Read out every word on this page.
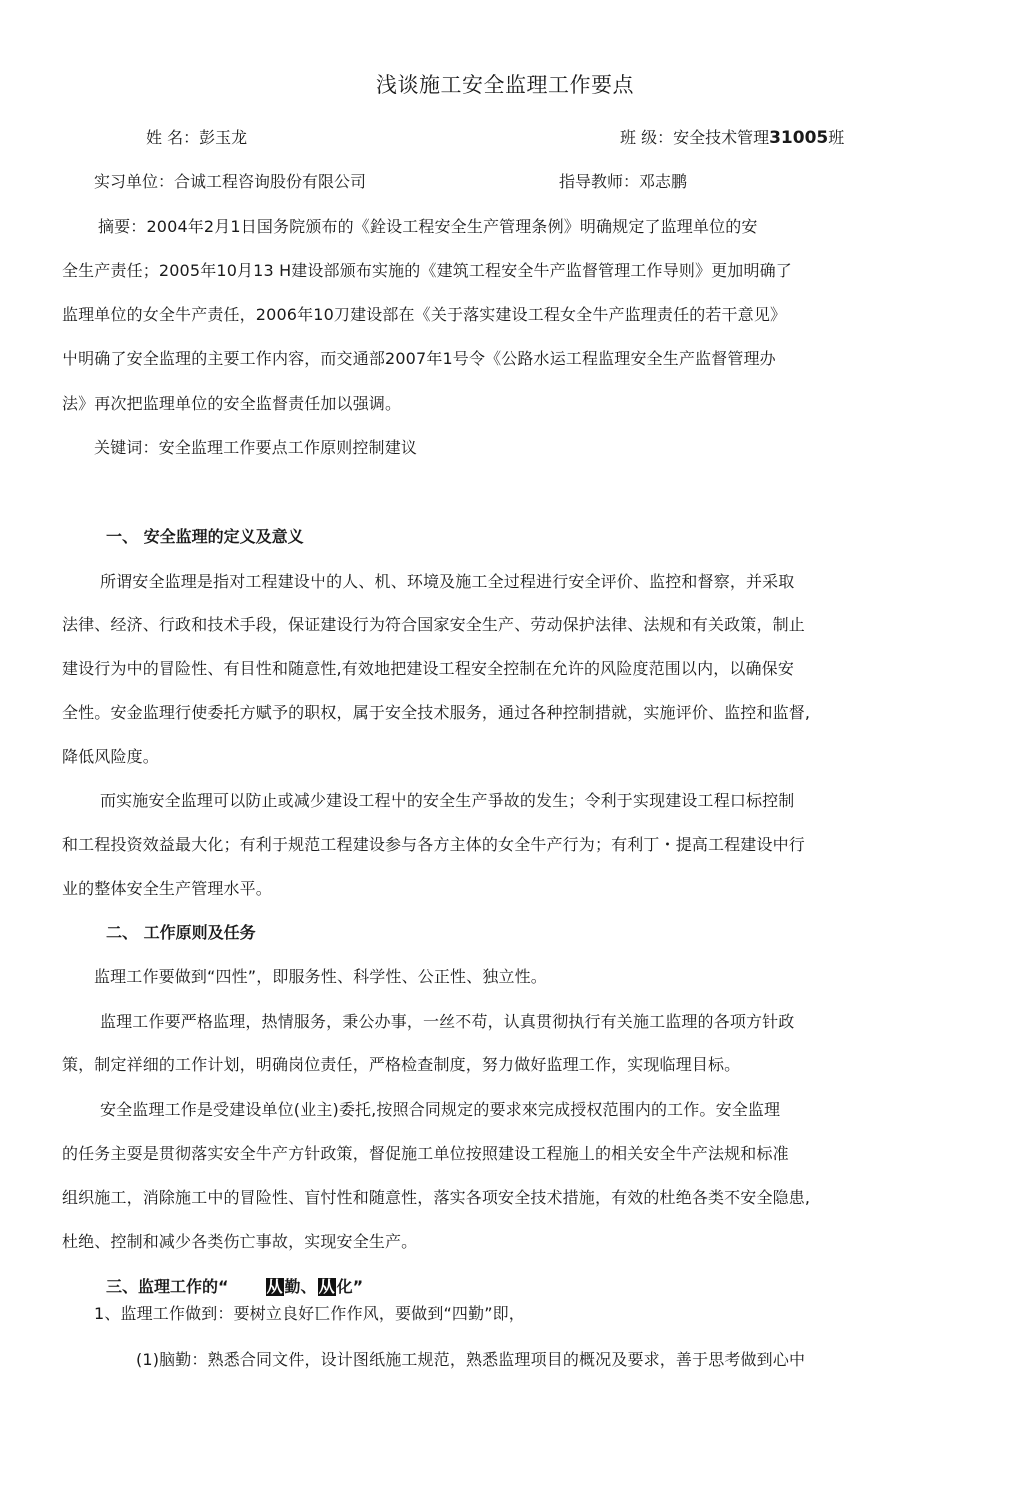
浅谈施工安全监理工作要点
姓 名：彭玉龙	班 级：安全技术管理31005班
实习单位：合诚工程咨询股份有限公司	指导教师：邓志鹏
摘要：2004年2月1日国务院颁布的《銓设工程安全生产管理条例》明确规定了监理单位的安
全生产责任；2005年10月13 H建设部颁布实施的《建筑工程安全牛产监督管理工作导则》更加明确了
监理单位的女全牛产责任，2006年10刀建设部在《关于落实建设工程女全牛产监理责任的若干意见》
屮明确了安全监理的主要工作内容，而交通部2007年1号令《公路水运工程监理安全生产监督管理办
法》再次把监理单位的安全监督责任加以强调。
关键词：安全监理工作要点工作原则控制建议
一、 安全监理的定义及意义
所谓安全监理是指对工程建设屮的人、机、环境及施工全过程进行安全评价、监控和督察，并采取
法律、经济、行政和技术手段，保证建设行为符合国家安全生产、劳动保护法律、法规和有关政策，制止
建设行为中的冒险性、有目性和随意性,有效地把建设工程安全控制在允许的风险度范围以内，以确保安
全性。安金监理行使委托方赋予的职权，属于安全技术服务，通过各种控制措就，实施评价、监控和监督,
降低风险度。
而实施安全监理可以防止或减少建设工程屮的安全生产爭故的发生；令利于实现建设工程口标控制
和工程投资效益最大化；有利于规范工程建设参与各方主体的女全牛产行为；有利丁・提高工程建设中行
业的整体安全生产管理水平。
二、 工作原则及任务
监理工作要做到“四性”，即服务性、科学性、公正性、独立性。
监理工作要严格监理，热情服务，秉公办事，一丝不苟，认真贯彻执行有关施工监理的各项方针政
策，制定祥细的工作计划，明确岗位责任，严格检查制度，努力做好监理工作，实现临理目标。
安全监理工作是受建设单位(业主)委托,按照合同规定的要求來完成授权范围内的工作。安全监理
的任务主耍是贯彻落实安全牛产方针政策，督促施工单位按照建设工程施丄的相关安全牛产法规和标准
组织施工，消除施工中的冒险性、盲忖性和随意性，落实各项安全技术措施，有效的杜绝各类不安全隐患,
杜绝、控制和减少各类伤亡事故，实现安全生产。
三、监理工作的“ 从 勤、 从 化”
1、监理工作做到：要树立良好匸作作风，要做到“四勤”即，
(1)脑勤：熟悉合同文件，设计图纸施工规范，熟悉监理项目的概况及要求，善于思考做到心中
